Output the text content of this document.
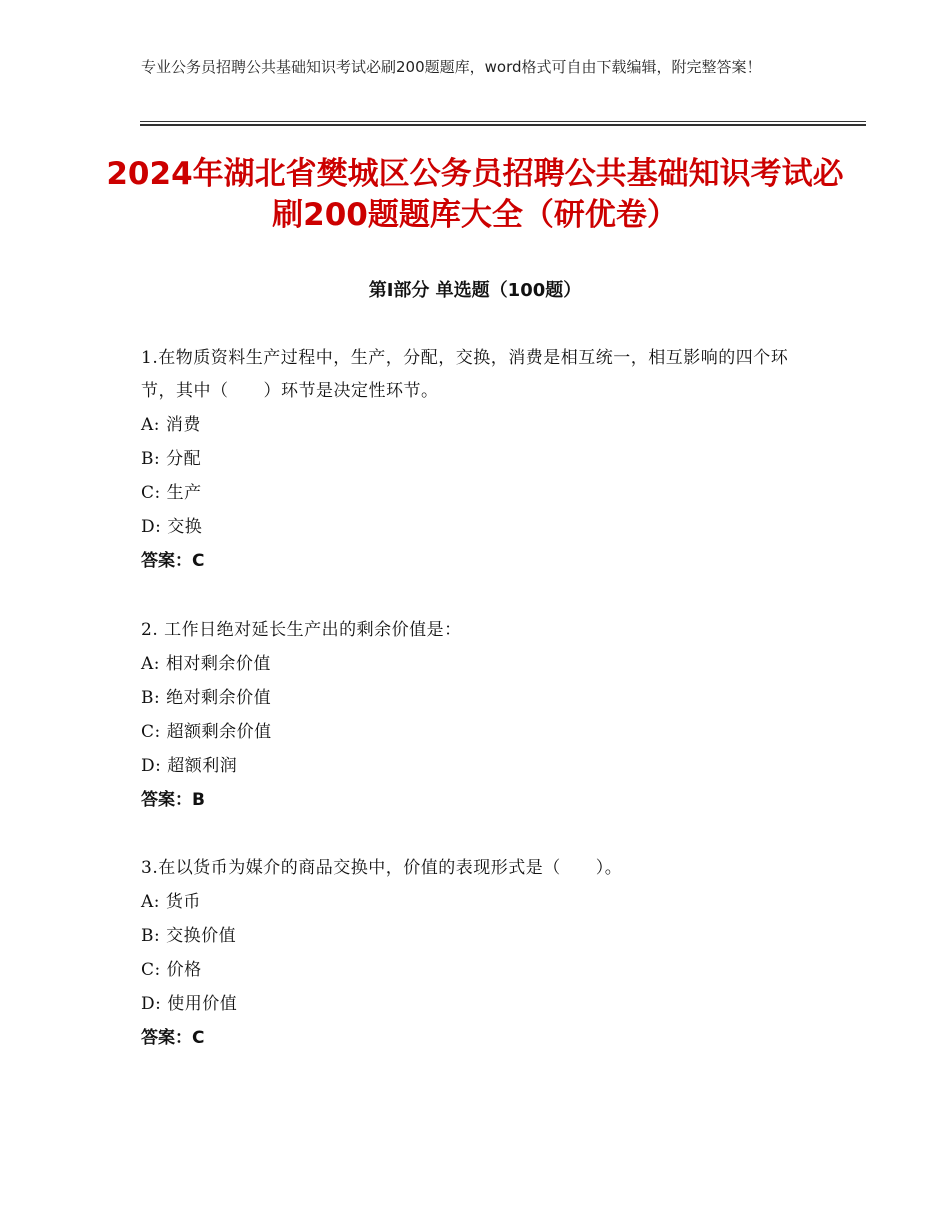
专业公务员招聘公共基础知识考试必刷200题题库，word格式可自由下载编辑，附完整答案！
2024年湖北省樊城区公务员招聘公共基础知识考试必刷200题题库大全（研优卷）
第Ⅰ部分 单选题（100题）
1.在物质资料生产过程中，生产，分配，交换，消费是相互统一，相互影响的四个环节，其中（　　）环节是决定性环节。
A: 消费
B: 分配
C: 生产
D: 交换
答案：C
2. 工作日绝对延长生产出的剩余价值是：
A: 相对剩余价值
B: 绝对剩余价值
C: 超额剩余价值
D: 超额利润
答案：B
3.在以货币为媒介的商品交换中，价值的表现形式是（　　）。
A: 货币
B: 交换价值
C: 价格
D: 使用价值
答案：C
